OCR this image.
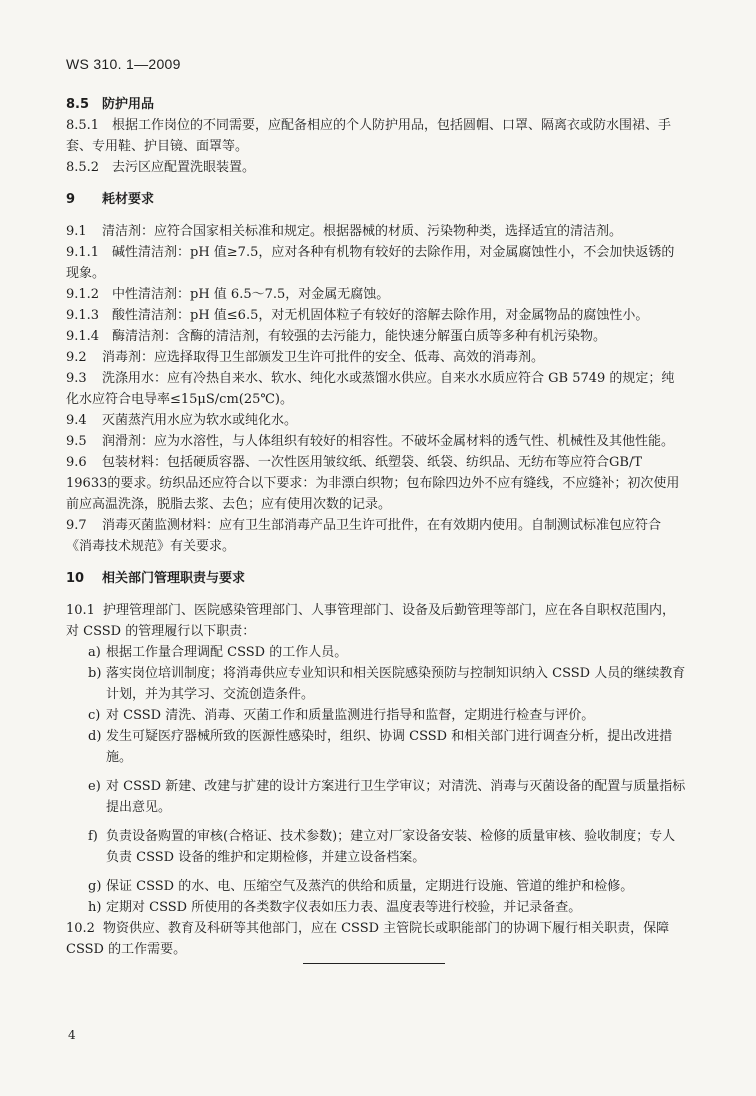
WS 310. 1—2009

8.5 防护用品

8.5.1 根据工作岗位的不同需要，应配备相应的个人防护用品，包括圆帽、口罩、隔离衣或防水围裙、手套、专用鞋、护目镜、面罩等。

8.5.2 去污区应配置洗眼装置。

9 耗材要求

9.1 清洁剂：应符合国家相关标准和规定。根据器械的材质、污染物种类，选择适宜的清洁剂。

9.1.1 碱性清洁剂：pH 值≥7.5，应对各种有机物有较好的去除作用，对金属腐蚀性小，不会加快返锈的现象。

9.1.2 中性清洁剂：pH 值 6.5～7.5，对金属无腐蚀。

9.1.3 酸性清洁剂：pH 值≤6.5，对无机固体粒子有较好的溶解去除作用，对金属物品的腐蚀性小。

9.1.4 酶清洁剂：含酶的清洁剂，有较强的去污能力，能快速分解蛋白质等多种有机污染物。

9.2 消毒剂：应选择取得卫生部颁发卫生许可批件的安全、低毒、高效的消毒剂。

9.3 洗涤用水：应有冷热自来水、软水、纯化水或蒸馏水供应。自来水水质应符合 GB 5749 的规定；纯化水应符合电导率≤15μS/cm(25℃)。

9.4 灭菌蒸汽用水应为软水或纯化水。

9.5 润滑剂：应为水溶性，与人体组织有较好的相容性。不破坏金属材料的透气性、机械性及其他性能。

9.6 包装材料：包括硬质容器、一次性医用皱纹纸、纸塑袋、纸袋、纺织品、无纺布等应符合GB/T 19633的要求。纺织品还应符合以下要求：为非漂白织物；包布除四边外不应有缝线，不应缝补；初次使用前应高温洗涤，脱脂去浆、去色；应有使用次数的记录。

9.7 消毒灭菌监测材料：应有卫生部消毒产品卫生许可批件，在有效期内使用。自制测试标准包应符合《消毒技术规范》有关要求。

10 相关部门管理职责与要求

10.1 护理管理部门、医院感染管理部门、人事管理部门、设备及后勤管理等部门，应在各自职权范围内，对 CSSD 的管理履行以下职责：

a) 根据工作量合理调配 CSSD 的工作人员。
b) 落实岗位培训制度；将消毒供应专业知识和相关医院感染预防与控制知识纳入 CSSD 人员的继续教育计划，并为其学习、交流创造条件。
c) 对 CSSD 清洗、消毒、灭菌工作和质量监测进行指导和监督，定期进行检查与评价。
d) 发生可疑医疗器械所致的医源性感染时，组织、协调 CSSD 和相关部门进行调查分析，提出改进措施。
e) 对 CSSD 新建、改建与扩建的设计方案进行卫生学审议；对清洗、消毒与灭菌设备的配置与质量指标提出意见。
f) 负责设备购置的审核(合格证、技术参数)；建立对厂家设备安装、检修的质量审核、验收制度；专人负责 CSSD 设备的维护和定期检修，并建立设备档案。
g) 保证 CSSD 的水、电、压缩空气及蒸汽的供给和质量，定期进行设施、管道的维护和检修。
h) 定期对 CSSD 所使用的各类数字仪表如压力表、温度表等进行校验，并记录备查。

10.2 物资供应、教育及科研等其他部门，应在 CSSD 主管院长或职能部门的协调下履行相关职责，保障 CSSD 的工作需要。

4
